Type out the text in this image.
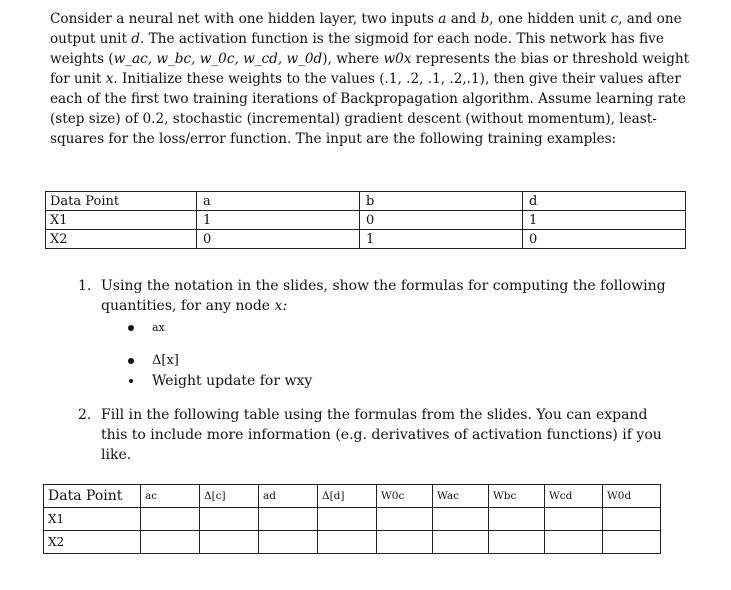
Consider a neural net with one hidden layer, two inputs a and b, one hidden unit c, and one output unit d. The activation function is the sigmoid for each node. This network has five weights (w_ac, w_bc, w_0c, w_cd, w_0d), where w0x represents the bias or threshold weight for unit x. Initialize these weights to the values (.1, .2, .1, .2,.1), then give their values after each of the first two training iterations of Backpropagation algorithm. Assume learning rate (step size) of 0.2, stochastic (incremental) gradient descent (without momentum), least-squares for the loss/error function. The input are the following training examples:

Data Point	a	b	d
X1	1	0	1
X2	0	1	0
1. Using the notation in the slides, show the formulas for computing the following quantities, for any node x:
ax
Δ[x]
Weight update for wxy
2. Fill in the following table using the formulas from the slides. You can expand this to include more information (e.g. derivatives of activation functions) if you like.
Data Point	ac	Δ[c]	ad	Δ[d]	W0c	Wac	Wbc	Wcd	W0d
X1									
X2									
